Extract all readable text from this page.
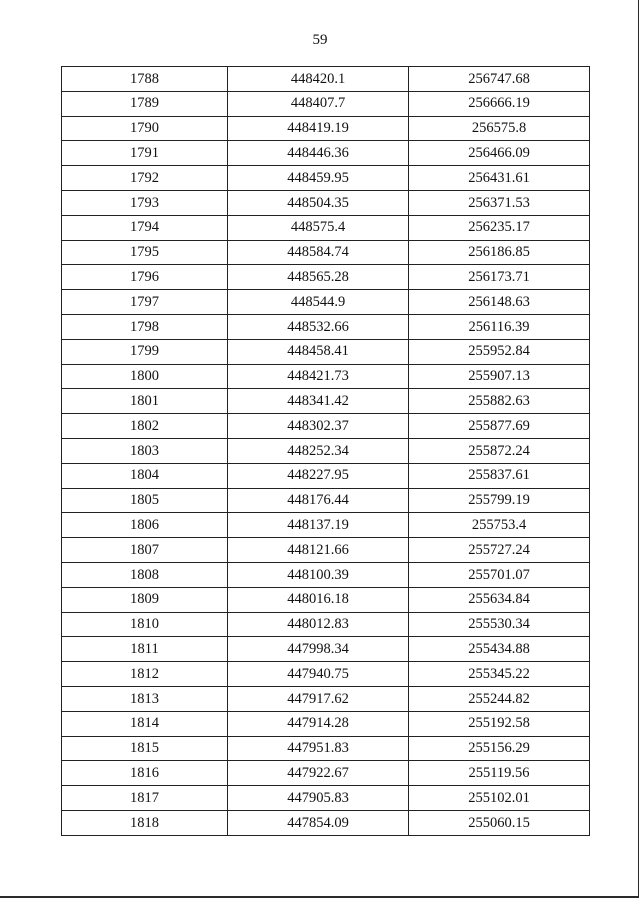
59
1788	448420.1	256747.68
1789	448407.7	256666.19
1790	448419.19	256575.8
1791	448446.36	256466.09
1792	448459.95	256431.61
1793	448504.35	256371.53
1794	448575.4	256235.17
1795	448584.74	256186.85
1796	448565.28	256173.71
1797	448544.9	256148.63
1798	448532.66	256116.39
1799	448458.41	255952.84
1800	448421.73	255907.13
1801	448341.42	255882.63
1802	448302.37	255877.69
1803	448252.34	255872.24
1804	448227.95	255837.61
1805	448176.44	255799.19
1806	448137.19	255753.4
1807	448121.66	255727.24
1808	448100.39	255701.07
1809	448016.18	255634.84
1810	448012.83	255530.34
1811	447998.34	255434.88
1812	447940.75	255345.22
1813	447917.62	255244.82
1814	447914.28	255192.58
1815	447951.83	255156.29
1816	447922.67	255119.56
1817	447905.83	255102.01
1818	447854.09	255060.15
